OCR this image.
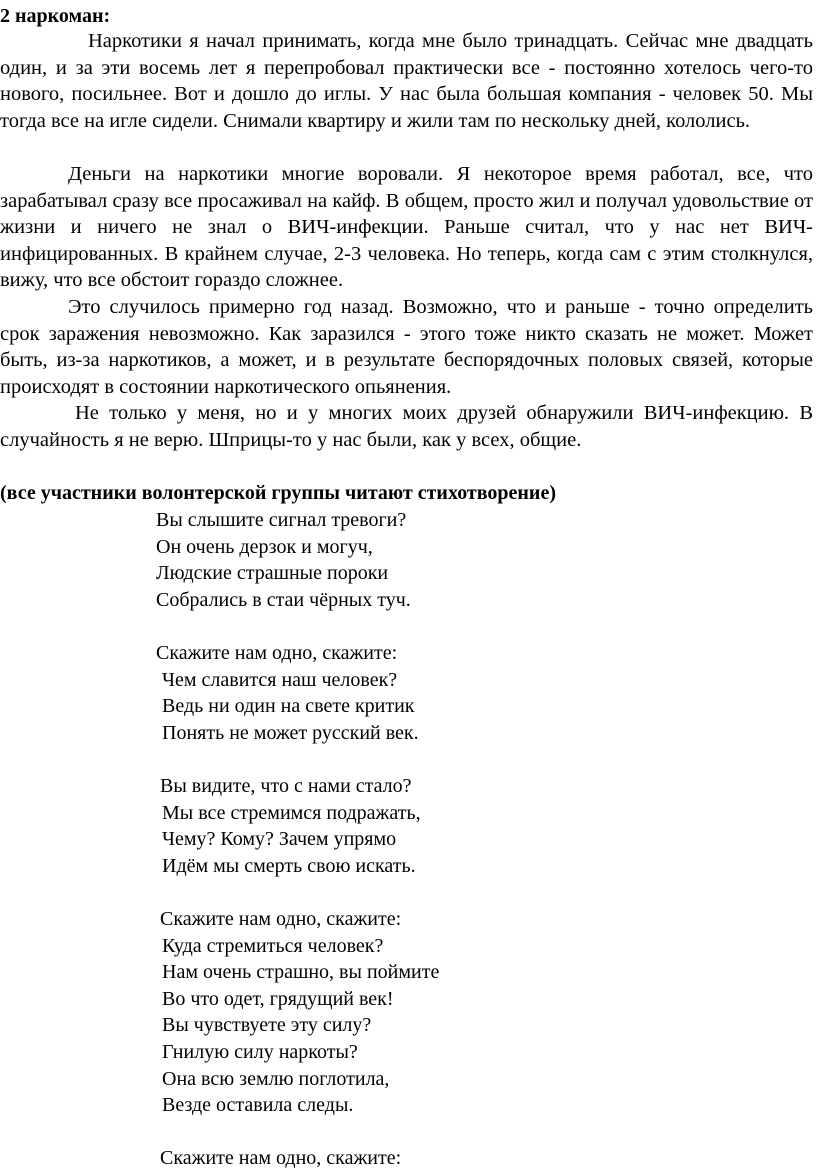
2 наркоман:

Наркотики я начал принимать, когда мне было тринадцать. Сейчас мне двадцать один, и за эти восемь лет я перепробовал практически все - постоянно хотелось чего-то нового, посильнее. Вот и дошло до иглы. У нас была большая компания - человек 50. Мы тогда все на игле сидели. Снимали квартиру и жили там по нескольку дней, кололись.

Деньги на наркотики многие воровали. Я некоторое время работал, все, что зарабатывал сразу все просаживал на кайф. В общем, просто жил и получал удовольствие от жизни и ничего не знал о ВИЧ-инфекции. Раньше считал, что у нас нет ВИЧ-инфицированных. В крайнем случае, 2-3 человека. Но теперь, когда сам с этим столкнулся, вижу, что все обстоит гораздо сложнее.

Это случилось примерно год назад. Возможно, что и раньше - точно определить срок заражения невозможно. Как заразился - этого тоже никто сказать не может. Может быть, из-за наркотиков, а может, и в результате беспорядочных половых связей, которые происходят в состоянии наркотического опьянения.

Не только у меня, но и у многих моих друзей обнаружили ВИЧ-инфекцию. В случайность я не верю. Шприцы-то у нас были, как у всех, общие.

(все участники волонтерской группы читают стихотворение)

Вы слышите сигнал тревоги?
Он очень дерзок и могуч,
Людские страшные пороки
Собрались в стаи чёрных туч.
Скажите нам одно, скажите:
Чем славится наш человек?
Ведь ни один на свете критик
Понять не может русский век.
Вы видите, что с нами стало?
Мы все стремимся подражать,
Чему? Кому? Зачем упрямо
Идём мы смерть свою искать.
Скажите нам одно, скажите:
Куда стремиться человек?
Нам очень страшно, вы поймите
Во что одет, грядущий век!
Вы чувствуете эту силу?
Гнилую силу наркоты?
Она всю землю поглотила,
Везде оставила следы.
Скажите нам одно, скажите:
